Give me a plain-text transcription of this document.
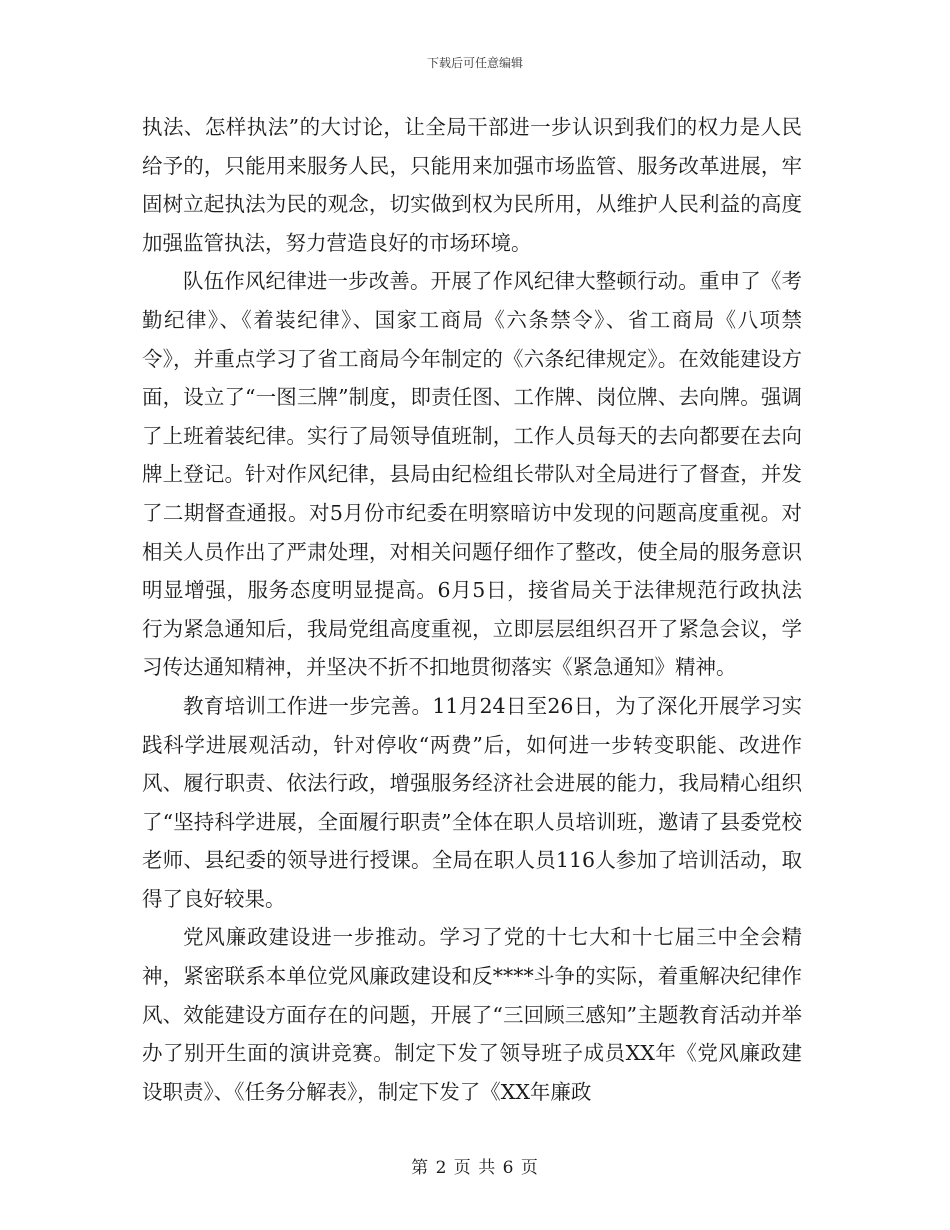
下载后可任意编辑

执法、怎样执法”的大讨论，让全局干部进一步认识到我们的权力是人民给予的，只能用来服务人民，只能用来加强市场监管、服务改革进展，牢固树立起执法为民的观念，切实做到权为民所用，从维护人民利益的高度加强监管执法，努力营造良好的市场环境。

队伍作风纪律进一步改善。开展了作风纪律大整顿行动。重申了《考勤纪律》、《着装纪律》、国家工商局《六条禁令》、省工商局《八项禁令》，并重点学习了省工商局今年制定的《六条纪律规定》。在效能建设方面，设立了“一图三牌”制度，即责任图、工作牌、岗位牌、去向牌。强调了上班着装纪律。实行了局领导值班制，工作人员每天的去向都要在去向牌上登记。针对作风纪律，县局由纪检组长带队对全局进行了督查，并发了二期督查通报。对5月份市纪委在明察暗访中发现的问题高度重视。对相关人员作出了严肃处理，对相关问题仔细作了整改，使全局的服务意识明显增强，服务态度明显提高。6月5日，接省局关于法律规范行政执法行为紧急通知后，我局党组高度重视，立即层层组织召开了紧急会议，学习传达通知精神，并坚决不折不扣地贯彻落实《紧急通知》精神。

教育培训工作进一步完善。11月24日至26日，为了深化开展学习实践科学进展观活动，针对停收“两费”后，如何进一步转变职能、改进作风、履行职责、依法行政，增强服务经济社会进展的能力，我局精心组织了“坚持科学进展，全面履行职责”全体在职人员培训班，邀请了县委党校老师、县纪委的领导进行授课。全局在职人员116人参加了培训活动，取得了良好较果。

党风廉政建设进一步推动。学习了党的十七大和十七届三中全会精神，紧密联系本单位党风廉政建设和反****斗争的实际，着重解决纪律作风、效能建设方面存在的问题，开展了“三回顾三感知”主题教育活动并举办了别开生面的演讲竞赛。制定下发了领导班子成员XX年《党风廉政建设职责》、《任务分解表》，制定下发了《XX年廉政

第 2 页 共 6 页
